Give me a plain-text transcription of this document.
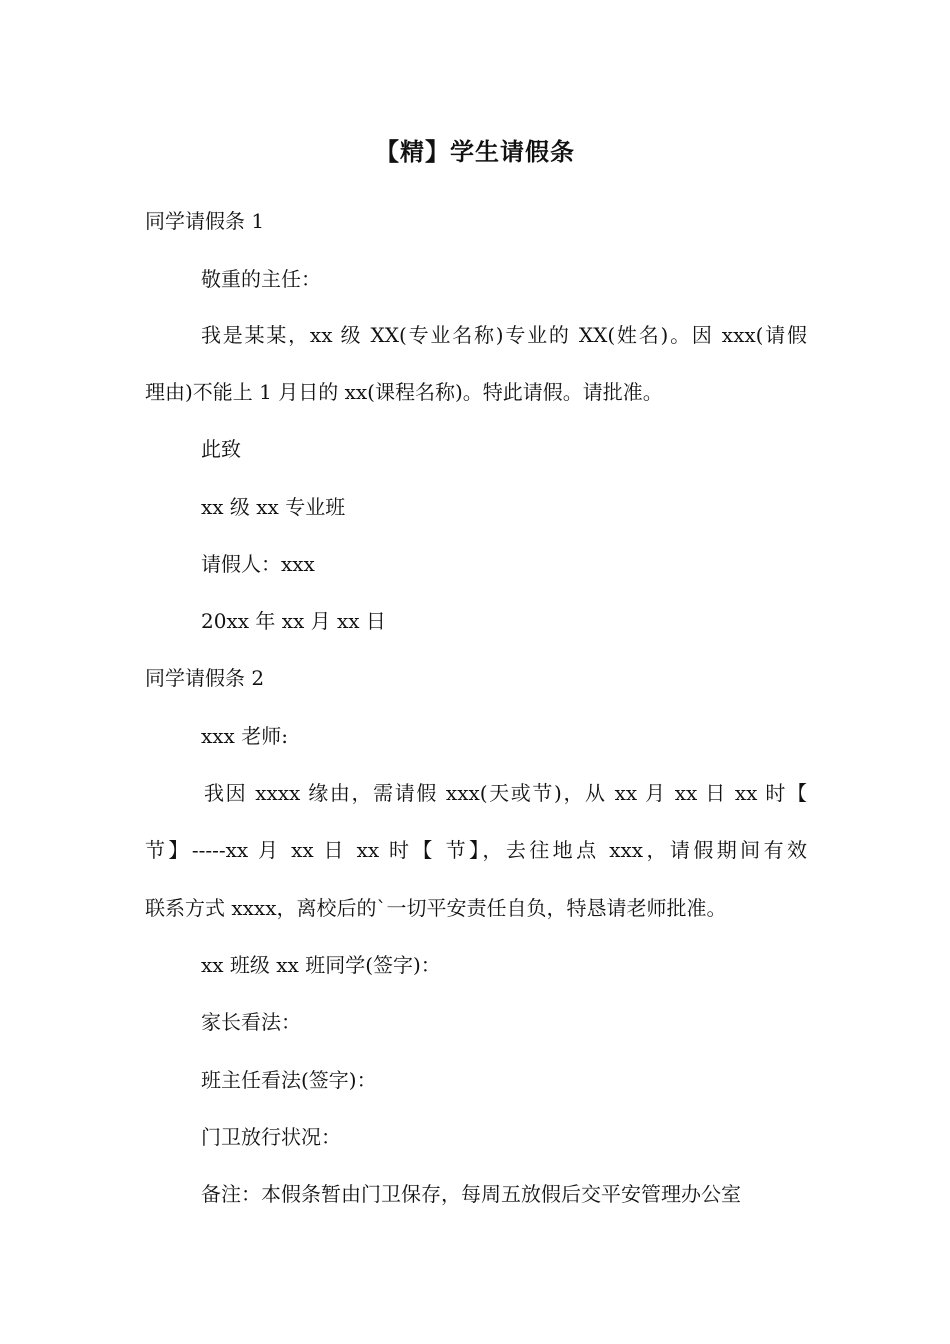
【精】学生请假条
同学请假条 1
敬重的主任：
我是某某，xx 级 XX(专业名称)专业的 XX(姓名)。因 xxx(请假
理由)不能上 1 月日的 xx(课程名称)。特此请假。请批准。
此致
xx 级 xx 专业班
请假人：xxx
20xx 年 xx 月 xx 日
同学请假条 2
xxx 老师:
我因 xxxx 缘由，需请假 xxx(天或节)，从 xx 月 xx 日 xx 时【
节】-----xx 月 xx 日 xx 时【 节】，去往地点 xxx，请假期间有效
联系方式 xxxx，离校后的`一切平安责任自负，特恳请老师批准。
xx 班级 xx 班同学(签字)：
家长看法：
班主任看法(签字)：
门卫放行状况：
备注：本假条暂由门卫保存，每周五放假后交平安管理办公室
